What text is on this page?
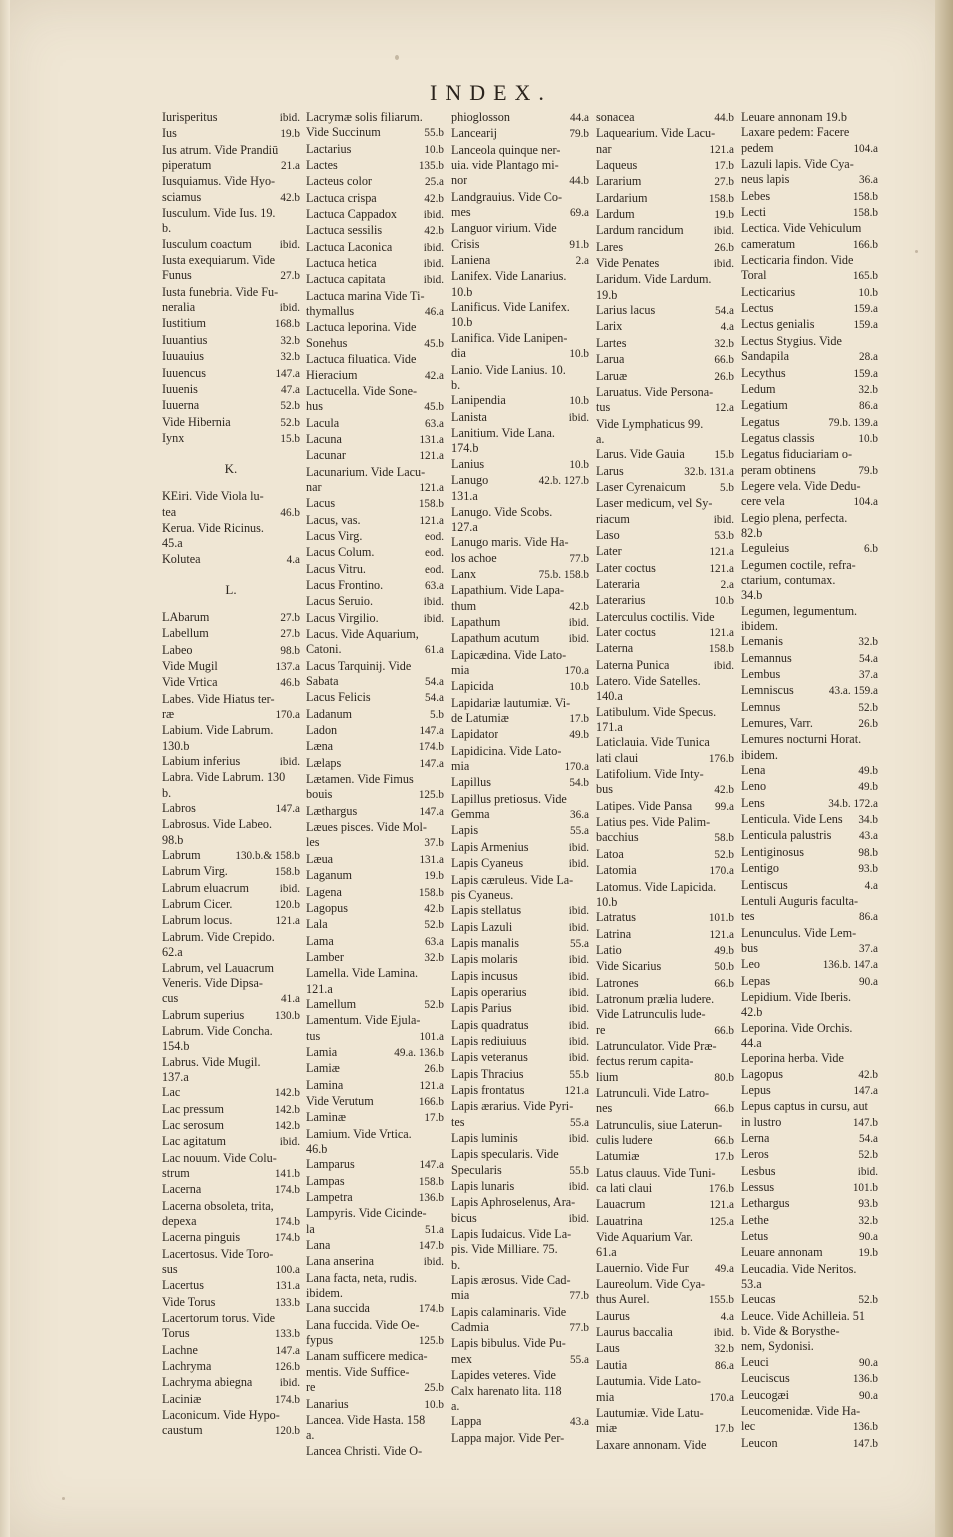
INDEX.
Iurisperitus	ibid.
Ius	19.b
Ius atrum. Vide Prandiū
piperatum	21.a
Iusquiamus. Vide Hyo-
sciamus	42.b
Iusculum. Vide Ius. 19.
b.
Iusculum coactum	ibid.
Iusta exequiarum. Vide
Funus	27.b
Iusta funebria. Vide Fu-
neralia	ibid.
Iustitium	168.b
Iuuantius	32.b
Iuuauius	32.b
Iuuencus	147.a
Iuuenis	47.a
Iuuerna	52.b
Vide Hibernia	52.b
Iynx	15.b
K.
KEiri. Vide Viola lu-
tea	46.b
Kerua. Vide Ricinus.
45.a
Kolutea	4.a
L.
LAbarum	27.b
Labellum	27.b
Labeo	98.b
Vide Mugil	137.a
Vide Vrtica	46.b
Labes. Vide Hiatus ter-
ræ	170.a
Labium. Vide Labrum.
130.b
Labium inferius	ibid.
Labra. Vide Labrum. 130
b.
Labros	147.a
Labrosus. Vide Labeo.
98.b
Labrum	130.b.& 158.b
Labrum Virg.	158.b
Labrum eluacrum	ibid.
Labrum Cicer.	120.b
Labrum locus.	121.a
Labrum. Vide Crepido.
62.a
Labrum, vel Lauacrum
Veneris. Vide Dipsa-
cus	41.a
Labrum superius	130.b
Labrum. Vide Concha.
154.b
Labrus. Vide Mugil.
137.a
Lac	142.b
Lac pressum	142.b
Lac serosum	142.b
Lac agitatum	ibid.
Lac nouum. Vide Colu-
strum	141.b
Lacerna	174.b
Lacerna obsoleta, trita,
depexa	174.b
Lacerna pinguis	174.b
Lacertosus. Vide Toro-
sus	100.a
Lacertus	131.a
Vide Torus	133.b
Lacertorum torus. Vide
Torus	133.b
Lachne	147.a
Lachryma	126.b
Lachryma abiegna ibid.
Laciniæ	174.b
Laconicum. Vide Hypo-
caustum	120.b
Lacrymæ solis filiarum.
Vide Succinum	55.b
Lactarius	10.b
Lactes	135.b
Lacteus color	25.a
Lactuca crispa	42.b
Lactuca Cappadox ibid.
Lactuca sessilis	42.b
Lactuca Laconica	ibid.
Lactuca hetica	ibid.
Lactuca capitata	ibid.
Lactuca marina Vide Ti-
thymallus	46.a
Lactuca leporina. Vide
Sonehus	45.b
Lactuca filuatica. Vide
Hieracium	42.a
Lactucella. Vide Sone-
hus	45.b
Lacula	63.a
Lacuna	131.a
Lacunar	121.a
Lacunarium. Vide Lacu-
nar	121.a
Lacus	158.b
Lacus, vas.	121.a
Lacus Virg.	eod.
Lacus Colum.	eod.
Lacus Vitru.	eod.
Lacus Frontino.	63.a
Lacus Seruio.	ibid.
Lacus Virgilio.	ibid.
Lacus. Vide Aquarium,
Catoni.	61.a
Lacus Tarquinij. Vide
Sabata	54.a
Lacus Felicis	54.a
Ladanum	5.b
Ladon	147.a
Læna	174.b
Lælaps	147.a
Lætamen. Vide Fimus
bouis	125.b
Læthargus	147.a
Læues pisces. Vide Mol-
les	37.b
Læua	131.a
Laganum	19.b
Lagena	158.b
Lagopus	42.b
Lala	52.b
Lama	63.a
Lamber	32.b
Lamella. Vide Lamina.
121.a
Lamellum	52.b
Lamentum. Vide Ejula-
tus	101.a
Lamia	49.a. 136.b
Lamiæ	26.b
Lamina	121.a
Vide Verutum	166.b
Laminæ	17.b
Lamium. Vide Vrtica.
46.b
Lamparus	147.a
Lampas	158.b
Lampetra	136.b
Lampyris. Vide Cicinde-
la	51.a
Lana	147.b
Lana anserina	ibid.
Lana facta, neta, rudis.
ibidem.
Lana succida	174.b
Lana fuccida. Vide Oe-
fypus	125.b
Lanam sufficere medica-
mentis. Vide Suffice-
re	25.b
Lanarius	10.b
Lancea. Vide Hasta. 158
a.
Lancea Christi. Vide O-
phioglosson	44.a
Lancearij	79.b
Lanceola quinque ner-
uia. vide Plantago mi-
nor	44.b
Landgrauius. Vide Co-
mes	69.a
Languor virium. Vide
Crisis	91.b
Laniena	2.a
Lanifex. Vide Lanarius.
10.b
Lanificus. Vide Lanifex.
10.b
Lanifica. Vide Lanipen-
dia	10.b
Lanio. Vide Lanius. 10.
b.
Lanipendia	10.b
Lanista	ibid.
Lanitium. Vide Lana.
174.b
Lanius	10.b
Lanugo	42.b. 127.b
131.a
Lanugo. Vide Scobs.
127.a
Lanugo maris. Vide Ha-
los achoe	77.b
Lanx	75.b. 158.b
Lapathium. Vide Lapa-
thum	42.b
Lapathum	ibid.
Lapathum acutum	ibid.
Lapicædina. Vide Lato-
mia	170.a
Lapicida	10.b
Lapidariæ lautumiæ. Vi-
de Latumiæ	17.b
Lapidator	49.b
Lapidicina. Vide Lato-
mia	170.a
Lapillus	54.b
Lapillus pretiosus. Vide
Gemma	36.a
Lapis	55.a
Lapis Armenius	ibid.
Lapis Cyaneus	ibid.
Lapis cæruleus. Vide La-
pis Cyaneus.
Lapis stellatus	ibid.
Lapis Lazuli	ibid.
Lapis manalis	55.a
Lapis molaris	ibid.
Lapis incusus	ibid.
Lapis operarius	ibid.
Lapis Parius	ibid.
Lapis quadratus	ibid.
Lapis rediuiuus	ibid.
Lapis veteranus	ibid.
Lapis Thracius	55.b
Lapis frontatus	121.a
Lapis ærarius. Vide Pyri-
tes	55.a
Lapis luminis	ibid.
Lapis specularis. Vide
Specularis	55.b
Lapis lunaris	ibid.
Lapis Aphroselenus, Ara-
bicus	ibid.
Lapis Iudaicus. Vide La-
pis. Vide Milliare. 75.
b.
Lapis ærosus. Vide Cad-
mia	77.b
Lapis calaminaris. Vide
Cadmia	77.b
Lapis bibulus. Vide Pu-
mex	55.a
Lapides veteres. Vide
Calx harenato lita. 118
a.
Lappa	43.a
Lappa major. Vide Per-
sonacea	44.b
Laquearium. Vide Lacu-
nar	121.a
Laqueus	17.b
Lararium	27.b
Lardarium	158.b
Lardum	19.b
Lardum rancidum	ibid.
Lares	26.b
Vide Penates	ibid.
Laridum. Vide Lardum.
19.b
Larius lacus	54.a
Larix	4.a
Lartes	32.b
Larua	66.b
Laruæ	26.b
Laruatus. Vide Persona-
tus	12.a
Vide Lymphaticus 99.
a.
Larus. Vide Gauia	15.b
Larus	32.b. 131.a
Laser Cyrenaicum	5.b
Laser medicum, vel Sy-
riacum	ibid.
Laso	53.b
Later	121.a
Later coctus	121.a
Lateraria	2.a
Laterarius	10.b
Laterculus coctilis. Vide
Later coctus	121.a
Laterna	158.b
Laterna Punica	ibid.
Latero. Vide Satelles.
140.a
Latibulum. Vide Specus.
171.a
Laticlauia. Vide Tunica
lati claui	176.b
Latifolium. Vide Inty-
bus	42.b
Latipes. Vide Pansa 99.a
Latius pes. Vide Palim-
bacchius	58.b
Latoa	52.b
Latomia	170.a
Latomus. Vide Lapicida.
10.b
Latratus	101.b
Latrina	121.a
Latio	49.b
Vide Sicarius	50.b
Latrones	66.b
Latronum prælia ludere.
Vide Latrunculis lude-
re	66.b
Latrunculator. Vide Præ-
fectus rerum capita-
lium	80.b
Latrunculi. Vide Latro-
nes	66.b
Latrunculis, siue Laterun-
culis ludere	66.b
Latumiæ	17.b
Latus clauus. Vide Tuni-
ca lati claui	176.b
Lauacrum	121.a
Lauatrina	125.a
Vide Aquarium Var.
61.a
Lauernio. Vide Fur 49.a
Laureolum. Vide Cya-
thus Aurel.	155.b
Laurus	4.a
Laurus baccalia	ibid.
Laus	32.b
Lautia	86.a
Lautumia. Vide Lato-
mia	170.a
Lautumiæ. Vide Latu-
miæ	17.b
Laxare annonam. Vide
Leuare annonam 19.b
Laxare pedem: Facere
pedem	104.a
Lazuli lapis. Vide Cya-
neus lapis	36.a
Lebes	158.b
Lecti	158.b
Lectica. Vide Vehiculum
cameratum	166.b
Lecticaria findon. Vide
Toral	165.b
Lecticarius	10.b
Lectus	159.a
Lectus genialis	159.a
Lectus Stygius. Vide
Sandapila	28.a
Lecythus	159.a
Ledum	32.b
Legatium	86.a
Legatus	79.b. 139.a
Legatus classis	10.b
Legatus fiduciariam o-
peram obtinens	79.b
Legere vela. Vide Dedu-
cere vela	104.a
Legio plena, perfecta.
82.b
Leguleius	6.b
Legumen coctile, refra-
ctarium, contumax.
34.b
Legumen, legumentum.
ibidem.
Lemanis	32.b
Lemannus	54.a
Lembus	37.a
Lemniscus	43.a. 159.a
Lemnus	52.b
Lemures, Varr.	26.b
Lemures nocturni Horat.
ibidem.
Lena	49.b
Leno	49.b
Lens	34.b. 172.a
Lenticula. Vide Lens 34.b
Lenticula palustris 43.a
Lentiginosus	98.b
Lentigo	93.b
Lentiscus	4.a
Lentuli Auguris faculta-
tes	86.a
Lenunculus. Vide Lem-
bus	37.a
Leo	136.b. 147.a
Lepas	90.a
Lepidium. Vide Iberis.
42.b
Leporina. Vide Orchis.
44.a
Leporina herba. Vide
Lagopus	42.b
Lepus	147.a
Lepus captus in cursu, aut
in lustro	147.b
Lerna	54.a
Leros	52.b
Lesbus	ibid.
Lessus	101.b
Lethargus	93.b
Lethe	32.b
Letus	90.a
Leuare annonam	19.b
Leucadia. Vide Neritos.
53.a
Leucas	52.b
Leuce. Vide Achilleia. 51
b. Vide & Borysthe-
nem, Sydonisi.
Leuci	90.a
Leuciscus	136.b
Leucogæi	90.a
Leucomenidæ. Vide Ha-
lec	136.b
Leucon	147.b
